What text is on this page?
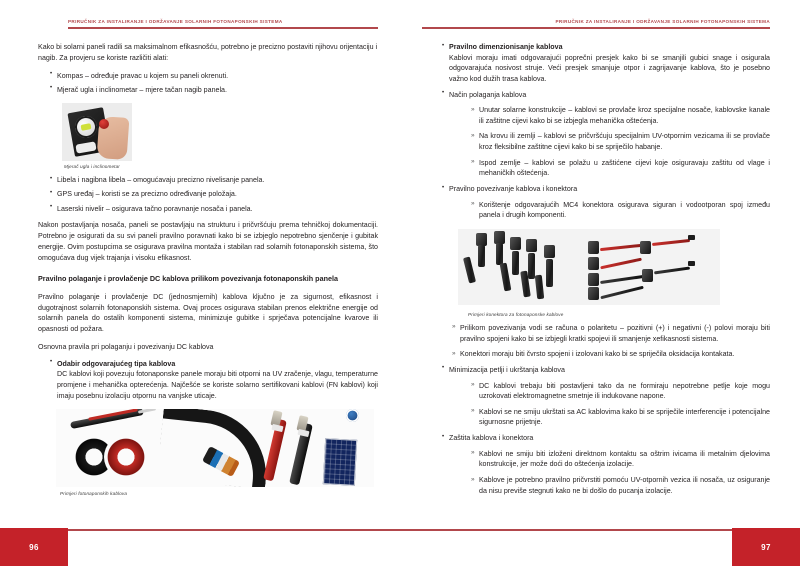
PRIRUČNIK ZA INSTALIRANJE I ODRŽAVANJE SOLARNIH FOTONAPONSKIH SISTEMA

Kako bi solarni paneli radili sa maksimalnom efikasnošću, potrebno je precizno postaviti njihovu orijentaciju i nagib. Za provjeru se koriste različiti alati:

• Kompas – određuje pravac u kojem su paneli okrenuti.
• Mjerač ugla i inclinometar – mjere tačan nagib panela.
Mjerač ugla i inclinometar
• Libela i nagibna libela – omogućavaju precizno nivelisanje panela.
• GPS uređaj – koristi se za precizno određivanje položaja.
• Laserski nivelir – osigurava tačno poravnanje nosača i panela.

Nakon postavljanja nosača, paneli se postavljaju na strukturu i pričvršćuju prema tehničkoj dokumentaciji. Potrebno je osigurati da su svi paneli pravilno poravnati kako bi se izbjeglo nepotrebno sjenčenje i gubitak energije. Ovim postupcima se osigurava pravilna montaža i stabilan rad solarnih fotonaponskih sistema, što omogućava dug vijek trajanja i visoku efikasnost.

Pravilno polaganje i provlačenje DC kablova prilikom povezivanja fotonaponskih panela

Pravilno polaganje i provlačenje DC (jednosmjernih) kablova ključno je za sigurnost, efikasnost i dugotrajnost solarnih fotonaponskih sistema. Ovaj proces osigurava stabilan prenos električne energije od solarnih panela do ostalih komponenti sistema, minimizuje gubitke i sprječava potencijalne kvarove ili opasnosti od požara.

Osnovna pravila pri polaganju i povezivanju DC kablova

• Odabir odgovarajućeg tipa kablova
DC kablovi koji povezuju fotonaponske panele moraju biti otporni na UV zračenje, vlagu, temperaturne promjene i mehanička opterećenja. Najčešće se koriste solarno sertifikovani kablovi (FN kablovi) koji imaju posebnu izolaciju otpornu na vanjske uticaje.
Primjeri fotonaponskih kablova
96
PRIRUČNIK ZA INSTALIRANJE I ODRŽAVANJE SOLARNIH FOTONAPONSKIH SISTEMA
• Pravilno dimenzionisanje kablova
Kablovi moraju imati odgovarajući poprečni presjek kako bi se smanjili gubici snage i osigurala odgovarajuća nosivost struje. Veći presjek smanjuje otpor i zagrijavanje kablova, što je posebno važno kod dužih trasa kablova.
• Način polaganja kablova
» Unutar solarne konstrukcije – kablovi se provlače kroz specijalne nosače, kablovske kanale ili zaštitne cijevi kako bi se izbjegla mehanička oštećenja.
» Na krovu ili zemlji – kablovi se pričvršćuju specijalnim UV-otpornim vezicama ili se provlače kroz fleksibilne zaštitne cijevi kako bi se spriječilo habanje.
» Ispod zemlje – kablovi se polažu u zaštićene cijevi koje osiguravaju zaštitu od vlage i mehaničkih oštećenja.
• Pravilno povezivanje kablova i konektora
» Korištenje odgovarajućih MC4 konektora osigurava siguran i vodootporan spoj između panela i drugih komponenti.
Primjeri konektora za fotonaponske kablove
» Prilikom povezivanja vodi se računa o polaritetu – pozitivni (+) i negativni (-) polovi moraju biti pravilno spojeni kako bi se izbjegli kratki spojevi ili smanjenje xefikasnosti sistema.
» Konektori moraju biti čvrsto spojeni i izolovani kako bi se spriječila oksidacija kontakata.
• Minimizacija petlji i ukrštanja kablova
» DC kablovi trebaju biti postavljeni tako da ne formiraju nepotrebne petlje koje mogu uzrokovati elektromagnetne smetnje ili indukovane napone.
» Kablovi se ne smiju ukrštati sa AC kablovima kako bi se spriječile interferencije i potencijalne sigurnosne prijetnje.
• Zaštita kablova i konektora
» Kablovi ne smiju biti izloženi direktnom kontaktu sa oštrim ivicama ili metalnim djelovima konstrukcije, jer može doći do oštećenja izolacije.
» Kablove je potrebno pravilno pričvrstiti pomoću UV-otpornih vezica ili nosača, uz osiguranje da nisu previše stegnuti kako ne bi došlo do pucanja izolacije.
97
